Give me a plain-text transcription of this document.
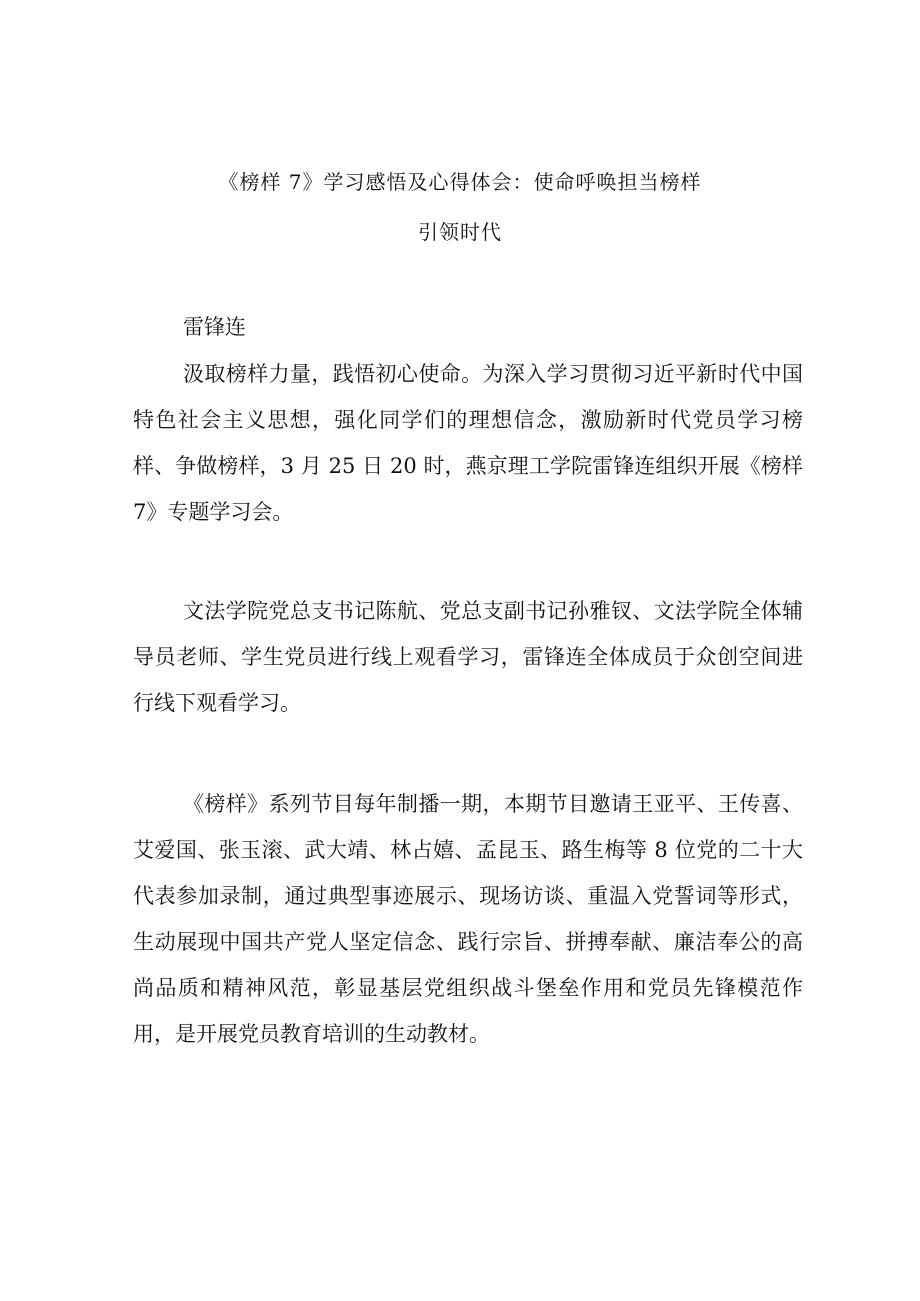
《榜样 7》学习感悟及心得体会：使命呼唤担当榜样
引领时代
雷锋连
汲取榜样力量，践悟初心使命。为深入学习贯彻习近平新时代中国特色社会主义思想，强化同学们的理想信念，激励新时代党员学习榜样、争做榜样，3 月 25 日 20 时，燕京理工学院雷锋连组织开展《榜样 7》专题学习会。
文法学院党总支书记陈航、党总支副书记孙雅钗、文法学院全体辅导员老师、学生党员进行线上观看学习，雷锋连全体成员于众创空间进行线下观看学习。
《榜样》系列节目每年制播一期，本期节目邀请王亚平、王传喜、艾爱国、张玉滚、武大靖、林占嬉、孟昆玉、路生梅等 8 位党的二十大代表参加录制，通过典型事迹展示、现场访谈、重温入党誓词等形式，生动展现中国共产党人坚定信念、践行宗旨、拼搏奉献、廉洁奉公的高尚品质和精神风范，彰显基层党组织战斗堡垒作用和党员先锋模范作用，是开展党员教育培训的生动教材。
